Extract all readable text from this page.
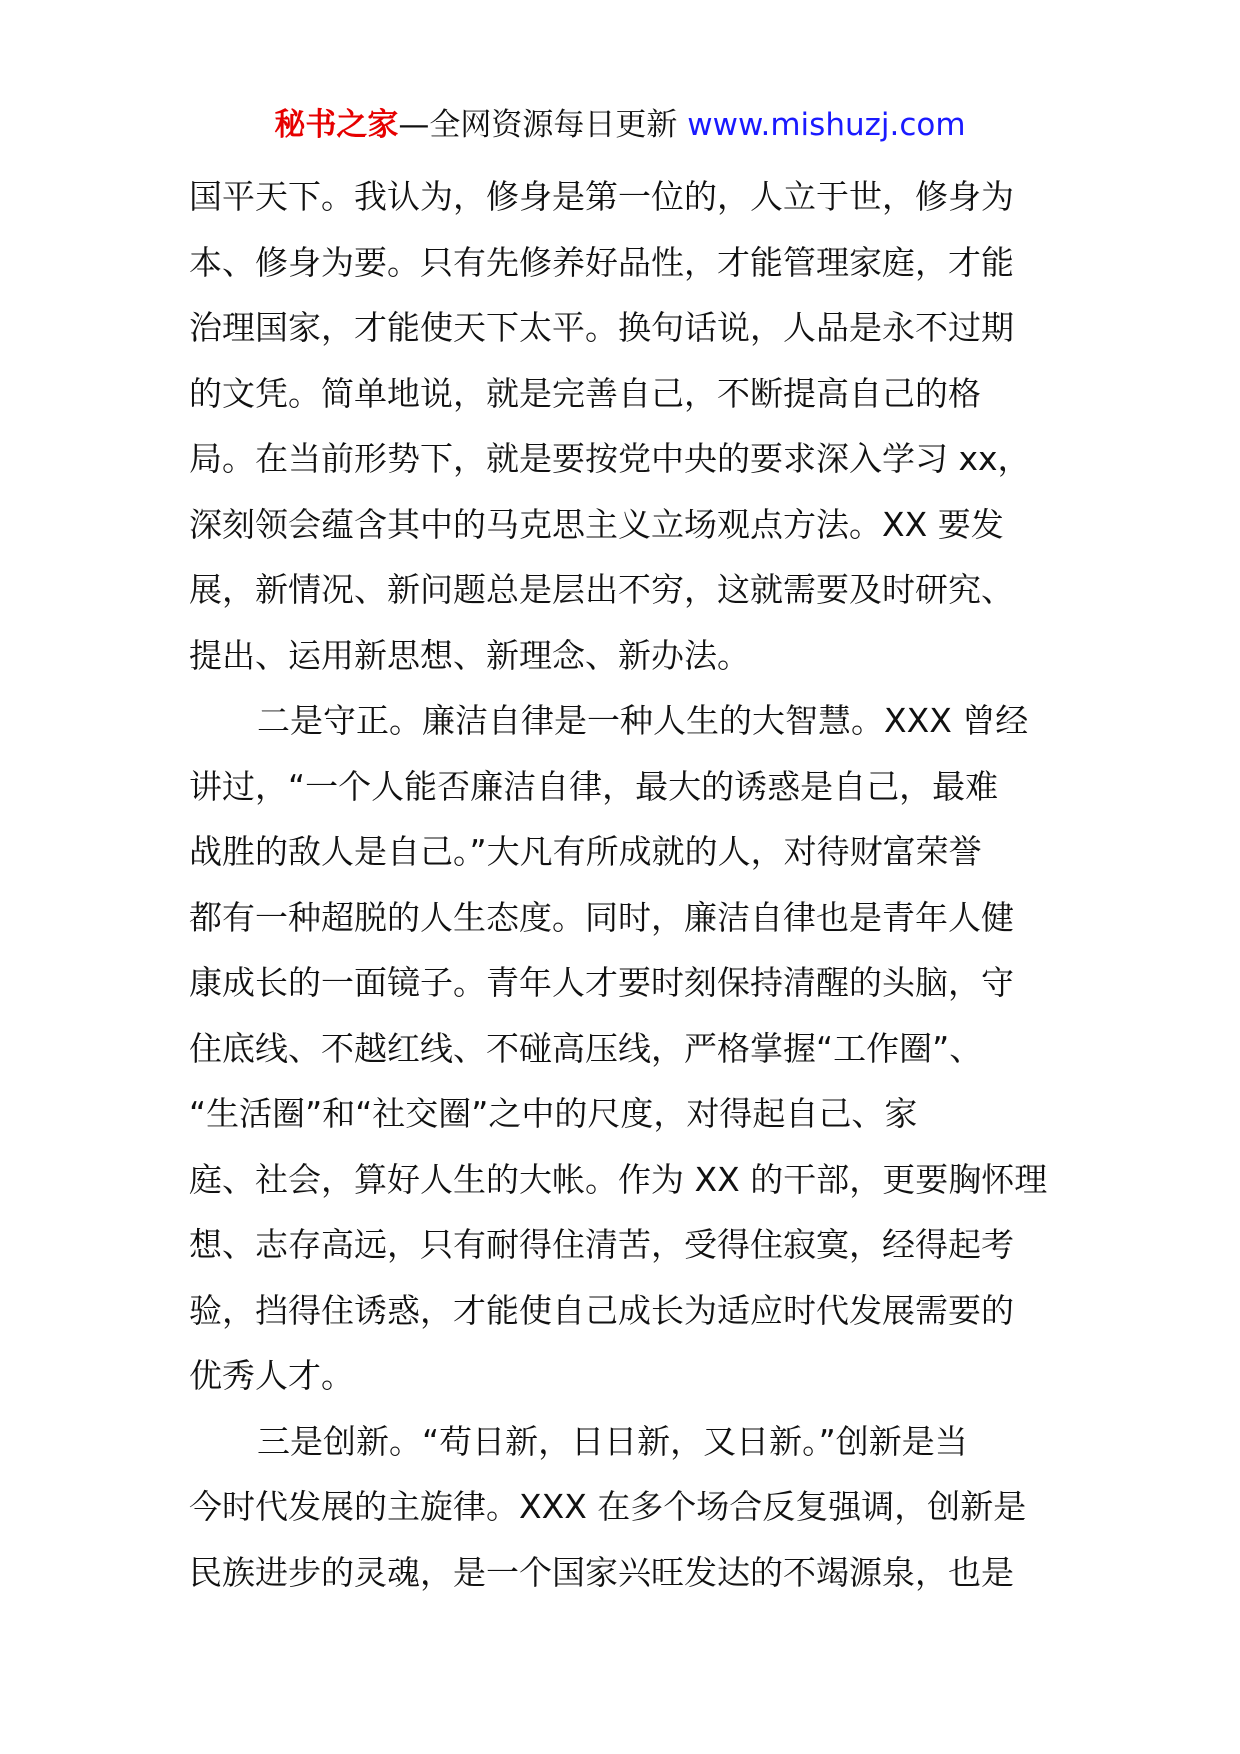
秘书之家—全网资源每日更新 www.mishuzj.com
国平天下。我认为，修身是第一位的，人立于世，修身为
本、修身为要。只有先修养好品性，才能管理家庭，才能
治理国家，才能使天下太平。换句话说，人品是永不过期
的文凭。简单地说，就是完善自己，不断提高自己的格
局。在当前形势下，就是要按党中央的要求深入学习 xx，
深刻领会蕴含其中的马克思主义立场观点方法。XX 要发
展，新情况、新问题总是层出不穷，这就需要及时研究、
提出、运用新思想、新理念、新办法。
二是守正。廉洁自律是一种人生的大智慧。XXX 曾经
讲过，“一个人能否廉洁自律，最大的诱惑是自己，最难
战胜的敌人是自己。”大凡有所成就的人，对待财富荣誉
都有一种超脱的人生态度。同时，廉洁自律也是青年人健
康成长的一面镜子。青年人才要时刻保持清醒的头脑，守
住底线、不越红线、不碰高压线，严格掌握“工作圈”、
“生活圈”和“社交圈”之中的尺度，对得起自己、家
庭、社会，算好人生的大帐。作为 XX 的干部，更要胸怀理
想、志存高远，只有耐得住清苦，受得住寂寞，经得起考
验，挡得住诱惑，才能使自己成长为适应时代发展需要的
优秀人才。
三是创新。“苟日新，日日新，又日新。”创新是当
今时代发展的主旋律。XXX 在多个场合反复强调，创新是
民族进步的灵魂，是一个国家兴旺发达的不竭源泉，也是
